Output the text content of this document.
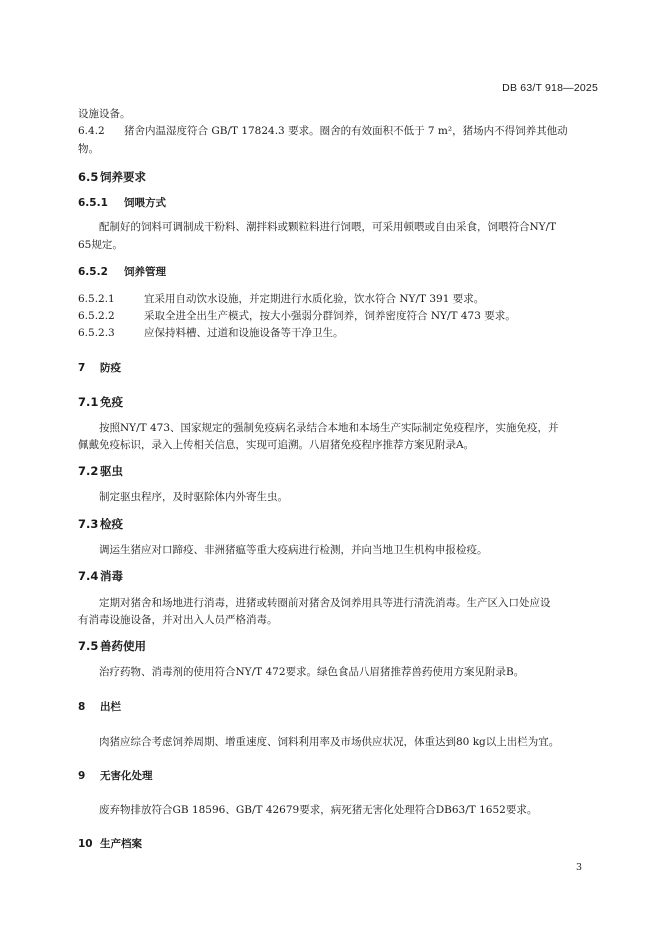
DB 63/T 918—2025
设施设备。
6.4.2 猪舍内温湿度符合 GB/T 17824.3 要求。圈舍的有效面积不低于 7 m²，猪场内不得饲养其他动
物。
6.5 饲养要求
6.5.1 饲喂方式
配制好的饲料可调制成干粉料、潮拌料或颗粒料进行饲喂，可采用顿喂或自由采食，饲喂符合NY/T
65规定。
6.5.2 饲养管理
6.5.2.1	宜采用自动饮水设施，并定期进行水质化验，饮水符合 NY/T 391 要求。
6.5.2.2	采取全进全出生产模式，按大小强弱分群饲养，饲养密度符合 NY/T 473 要求。
6.5.2.3	应保持料槽、过道和设施设备等干净卫生。
7 防疫
7.1 免疫
按照NY/T 473、国家规定的强制免疫病名录结合本地和本场生产实际制定免疫程序，实施免疫，并
佩戴免疫标识，录入上传相关信息，实现可追溯。八眉猪免疫程序推荐方案见附录A。
7.2 驱虫
制定驱虫程序，及时驱除体内外寄生虫。
7.3 检疫
调运生猪应对口蹄疫、非洲猪瘟等重大疫病进行检测，并向当地卫生机构申报检疫。
7.4 消毒
定期对猪舍和场地进行消毒，进猪或转圈前对猪舍及饲养用具等进行清洗消毒。生产区入口处应设
有消毒设施设备，并对出入人员严格消毒。
7.5 兽药使用
治疗药物、消毒剂的使用符合NY/T 472要求。绿色食品八眉猪推荐兽药使用方案见附录B。
8 出栏
肉猪应综合考虑饲养周期、增重速度、饲料利用率及市场供应状况，体重达到80 kg以上出栏为宜。
9 无害化处理
废弃物排放符合GB 18596、GB/T 42679要求，病死猪无害化处理符合DB63/T 1652要求。
10 生产档案
3
